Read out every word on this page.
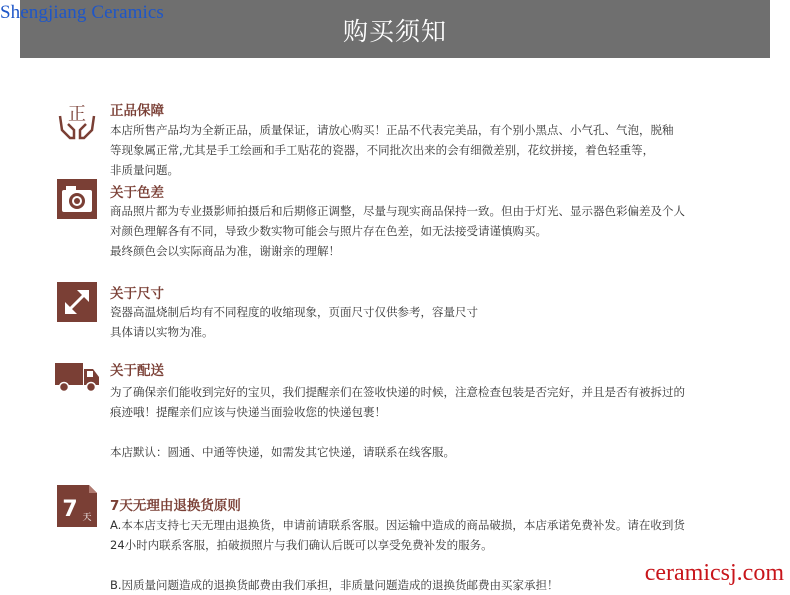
购买须知
Shengjiang Ceramics
正 正品保障

本店所售产品均为全新正品，质量保证，请放心购买！正品不代表完美品，有个别小黑点、小气孔、气泡，脱釉
等现象属正常,尤其是手工绘画和手工贴花的瓷器，不同批次出来的会有细微差别，花纹拼接，着色轻重等，
非质量问题。

关于色差

商品照片都为专业摄影师拍摄后和后期修正调整，尽量与现实商品保持一致。但由于灯光、显示器色彩偏差及个人
对颜色理解各有不同，导致少数实物可能会与照片存在色差，如无法接受请谨慎购买。
最终颜色会以实际商品为准，谢谢亲的理解！

关于尺寸

瓷器高温烧制后均有不同程度的收缩现象，页面尺寸仅供参考，容量尺寸
具体请以实物为准。

关于配送

为了确保亲们能收到完好的宝贝，我们提醒亲们在签收快递的时候，注意检查包装是否完好，并且是否有被拆过的
痕迹哦！提醒亲们应该与快递当面验收您的快递包裹！

本店默认：圆通、中通等快递，如需发其它快递，请联系在线客服。

7 天
7天无理由退换货原则

A.本本店支持七天无理由退换货，申请前请联系客服。因运输中造成的商品破损，本店承诺免费补发。请在收到货
24小时内联系客服，拍破损照片与我们确认后既可以享受免费补发的服务。

B.因质量问题造成的退换货邮费由我们承担，非质量问题造成的退换货邮费由买家承担！	ceramicsj.com
